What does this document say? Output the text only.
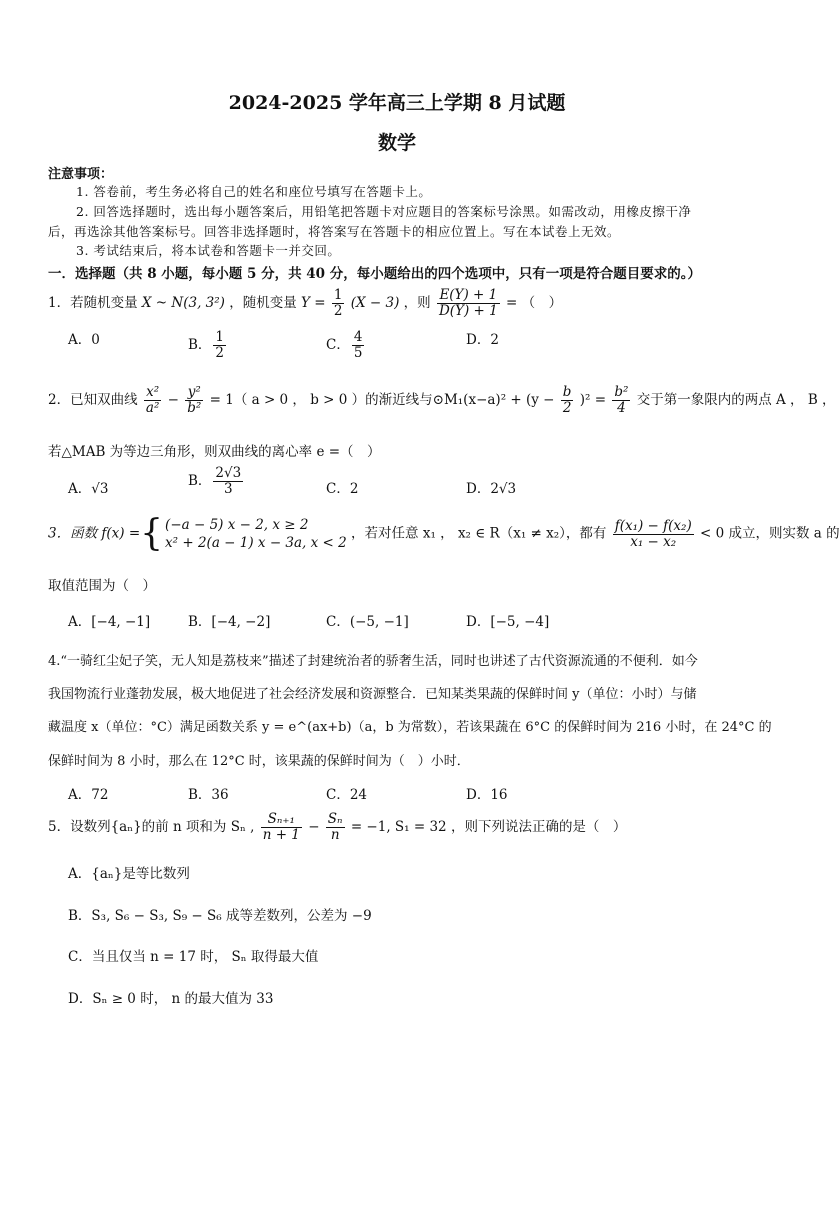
2024-2025 学年高三上学期 8 月试题
数学
注意事项：
1. 答卷前，考生务必将自己的姓名和座位号填写在答题卡上。
2. 回答选择题时，选出每小题答案后，用铅笔把答题卡对应题目的答案标号涂黑。如需改动，用橡皮擦干净
后，再选涂其他答案标号。回答非选择题时，将答案写在答题卡的相应位置上。写在本试卷上无效。
3. 考试结束后，将本试卷和答题卡一并交回。
一．选择题（共 8 小题，每小题 5 分，共 40 分，每小题给出的四个选项中，只有一项是符合题目要求的。）
1．若随机变量 X ~ N(3, 3²) ，随机变量 $Y = \frac{1}{2} (X - 3)$ ，则 $\frac{E(Y) + 1}{D(Y) + 1}$ = （　）
A．0	B． $\frac{1}{2}$	C． $\frac{4}{5}$	D．2
2．已知双曲线 $\frac{\text{x²}}{\text{a²}} - \frac{\text{y²}}{\text{b²}} = 1$（ a > 0 ， b > 0 ）的渐近线与⊙M₁(x−a)² + $(y - \frac{b}{2} )^2 = \frac{\text{b²}}{4}$ 交于第一象限内的两点 A ， B ，
若△MAB 为等边三角形，则双曲线的离心率 e =（　）
A．√3
B． $\frac{2√3}{3}$	C．2	D．2√3
3．函数 f(x) ={ (−a − 5) x − 2, x ≥ 2
x² + 2(a − 1) x − 3a, x < 2
，若对任意 x₁ ， x₂ ∈ R（x₁ ≠ x₂），都有 $\frac{\text{f(x₁) − f(x₂)}}{\text{x₁ − x₂}} < 0$ 成立，则实数 a 的
取值范围为（　）
A．[−4, −1]	B．[−4, −2]	C．(−5, −1]	D．[−5, −4]
4.“一骑红尘妃子笑，无人知是荔枝来”描述了封建统治者的骄奢生活，同时也讲述了古代资源流通的不便利．如今
我国物流行业蓬勃发展，极大地促进了社会经济发展和资源整合．已知某类果蔬的保鲜时间 y（单位：小时）与储
藏温度 x（单位：°C）满足函数关系 y = e^(ax+b)（a，b 为常数），若该果蔬在 6°C 的保鲜时间为 216 小时，在 24°C 的
保鲜时间为 8 小时，那么在 12°C 时，该果蔬的保鲜时间为（　）小时．
A．72	B．36	C．24	D．16
5．设数列{aₙ}的前 n 项和为 Sₙ , $\frac{\text{Sₙ₊₁}}{n + 1} - \frac{\text{Sₙ}}{n} = -1$, S₁ = 32 ，则下列说法正确的是（　）
A．{aₙ}是等比数列
B．S₃, S₆ − S₃, S₉ − S₆ 成等差数列，公差为 −9
C．当且仅当 n = 17 时， Sₙ 取得最大值
D．Sₙ ≥ 0 时， n 的最大值为 33
